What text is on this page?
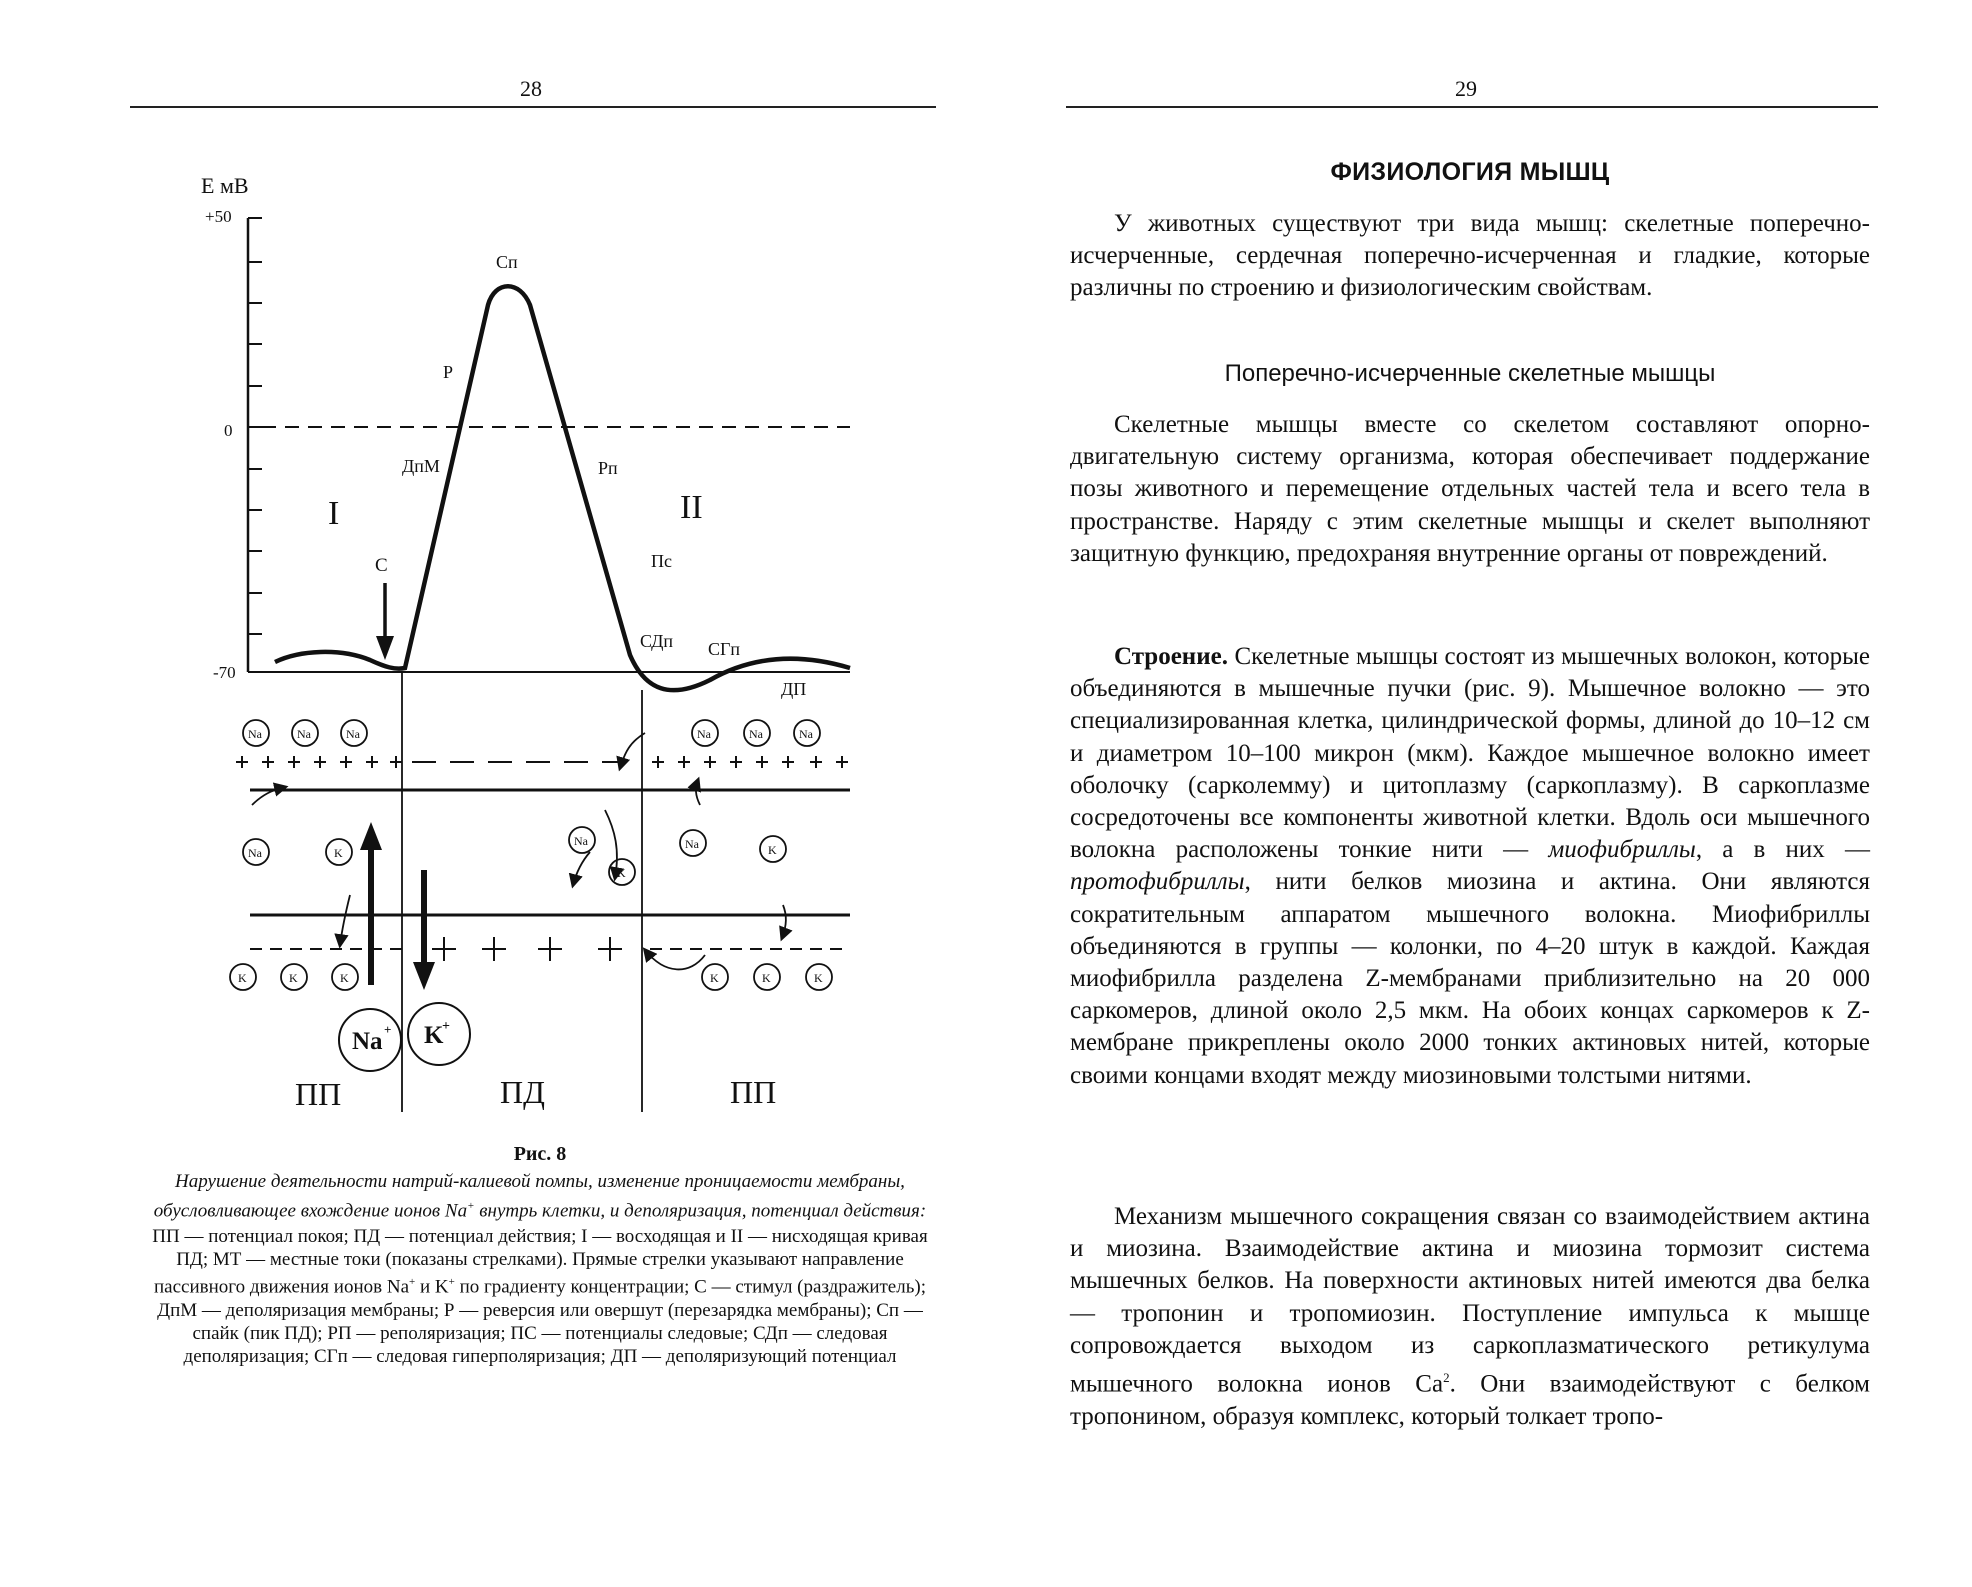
28
E мВ
+50
0
-70
Сп
Р
ДпМ	Рп
Пс
СДп СГп
ДП
С
I	II
Na	Na	Na	Na	Na	Na
Na	K
Na
K
Na	K
K	K	K	K	K	K
Na + K
+
ПП	ПД	ПП
Рис. 8
Нарушение деятельности натрий-калиевой помпы, изменение проницаемости мембраны, обусловливающее вхождение ионов Na+ внутрь клетки, и деполяризация, потенциал действия:
ПП — потенциал покоя; ПД — потенциал действия; I — восходящая и II — нисходящая кривая ПД; МТ — местные токи (показаны стрелками). Прямые стрелки указывают направление пассивного движения ионов Na+ и K+ по градиенту концентрации; С — стимул (раздражитель); ДпМ — деполяризация мембраны; Р — реверсия или овершут (перезарядка мембраны); Сп — спайк (пик ПД); РП — реполяризация; ПС — потенциалы следовые; СДп — следовая деполяризация; СГп — следовая гиперполяризация; ДП — деполяризующий потенциал
29
ФИЗИОЛОГИЯ МЫШЦ
У животных существуют три вида мышц: скелетные поперечно-исчерченные, сердечная поперечно-исчерченная и гладкие, которые различны по строению и физиологическим свойствам.
Поперечно-исчерченные скелетные мышцы
Скелетные мышцы вместе со скелетом составляют опорно-двигательную систему организма, которая обеспечивает поддержание позы животного и перемещение отдельных частей тела и всего тела в пространстве. Наряду с этим скелетные мышцы и скелет выполняют защитную функцию, предохраняя внутренние органы от повреждений.
Строение. Скелетные мышцы состоят из мышечных волокон, которые объединяются в мышечные пучки (рис. 9). Мышечное волокно — это специализированная клетка, цилиндрической формы, длиной до 10–12 см и диаметром 10–100 микрон (мкм). Каждое мышечное волокно имеет оболочку (сарколемму) и цитоплазму (саркоплазму). В саркоплазме сосредоточены все компоненты животной клетки. Вдоль оси мышечного волокна расположены тонкие нити — миофибриллы, а в них — протофибриллы, нити белков миозина и актина. Они являются сократительным аппаратом мышечного волокна. Миофибриллы объединяются в группы — колонки, по 4–20 штук в каждой. Каждая миофибрилла разделена Z-мембранами приблизительно на 20 000 саркомеров, длиной около 2,5 мкм. На обоих концах саркомеров к Z-мембране прикреплены около 2000 тонких актиновых нитей, которые своими концами входят между миозиновыми толстыми нитями.
Механизм мышечного сокращения связан со взаимодействием актина и миозина. Взаимодействие актина и миозина тормозит система мышечных белков. На поверхности актиновых нитей имеются два белка — тропонин и тропомиозин. Поступление импульса к мышце сопровождается выходом из саркоплазматического ретикулума мышечного волокна ионов Ca$^2$. Они взаимодействуют с белком тропонином, образуя комплекс, который толкает тропо-
